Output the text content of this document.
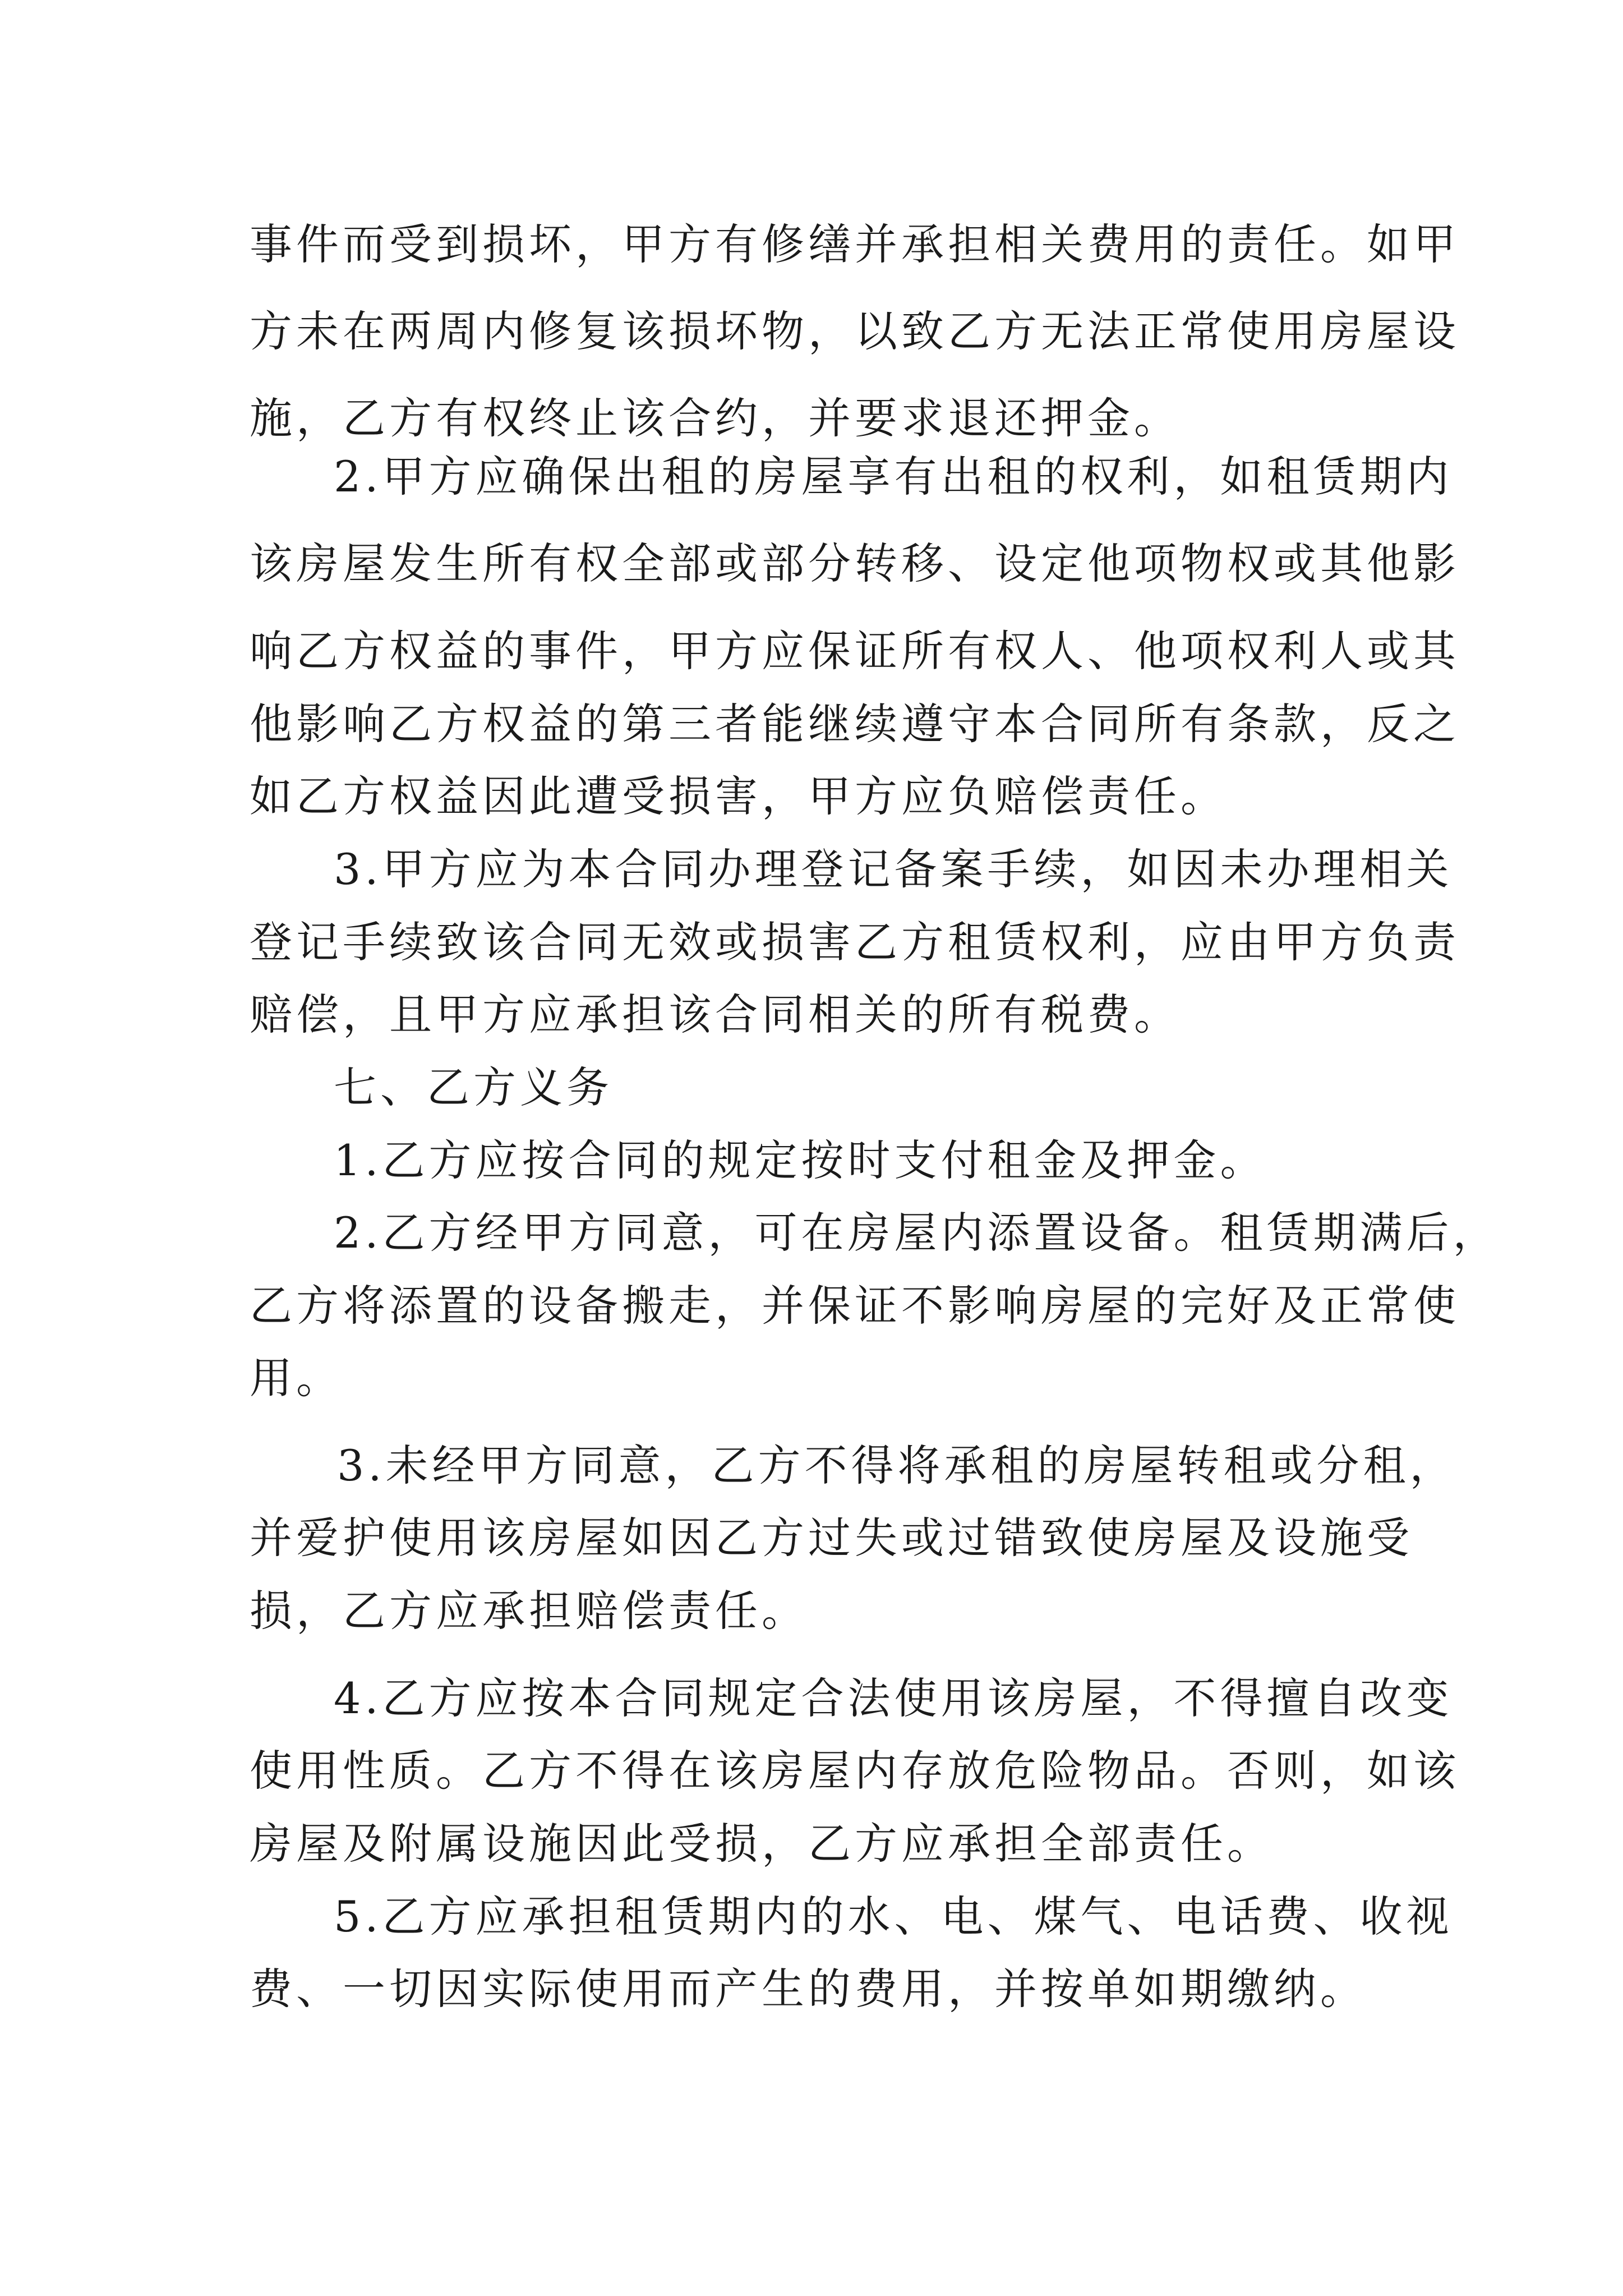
事件而受到损坏，甲方有修缮并承担相关费用的责任。如甲

方未在两周内修复该损坏物，以致乙方无法正常使用房屋设

施，乙方有权终止该合约，并要求退还押金。

2.甲方应确保出租的房屋享有出租的权利，如租赁期内

该房屋发生所有权全部或部分转移、设定他项物权或其他影

响乙方权益的事件，甲方应保证所有权人、他项权利人或其

他影响乙方权益的第三者能继续遵守本合同所有条款，反之

如乙方权益因此遭受损害，甲方应负赔偿责任。

3.甲方应为本合同办理登记备案手续，如因未办理相关

登记手续致该合同无效或损害乙方租赁权利，应由甲方负责

赔偿，且甲方应承担该合同相关的所有税费。

七、乙方义务

1.乙方应按合同的规定按时支付租金及押金。

2.乙方经甲方同意，可在房屋内添置设备。租赁期满后，

乙方将添置的设备搬走，并保证不影响房屋的完好及正常使

用。

3.未经甲方同意，乙方不得将承租的房屋转租或分租，

并爱护使用该房屋如因乙方过失或过错致使房屋及设施受

损，乙方应承担赔偿责任。

4.乙方应按本合同规定合法使用该房屋，不得擅自改变

使用性质。乙方不得在该房屋内存放危险物品。否则，如该

房屋及附属设施因此受损，乙方应承担全部责任。

5.乙方应承担租赁期内的水、电、煤气、电话费、收视

费、一切因实际使用而产生的费用，并按单如期缴纳。
